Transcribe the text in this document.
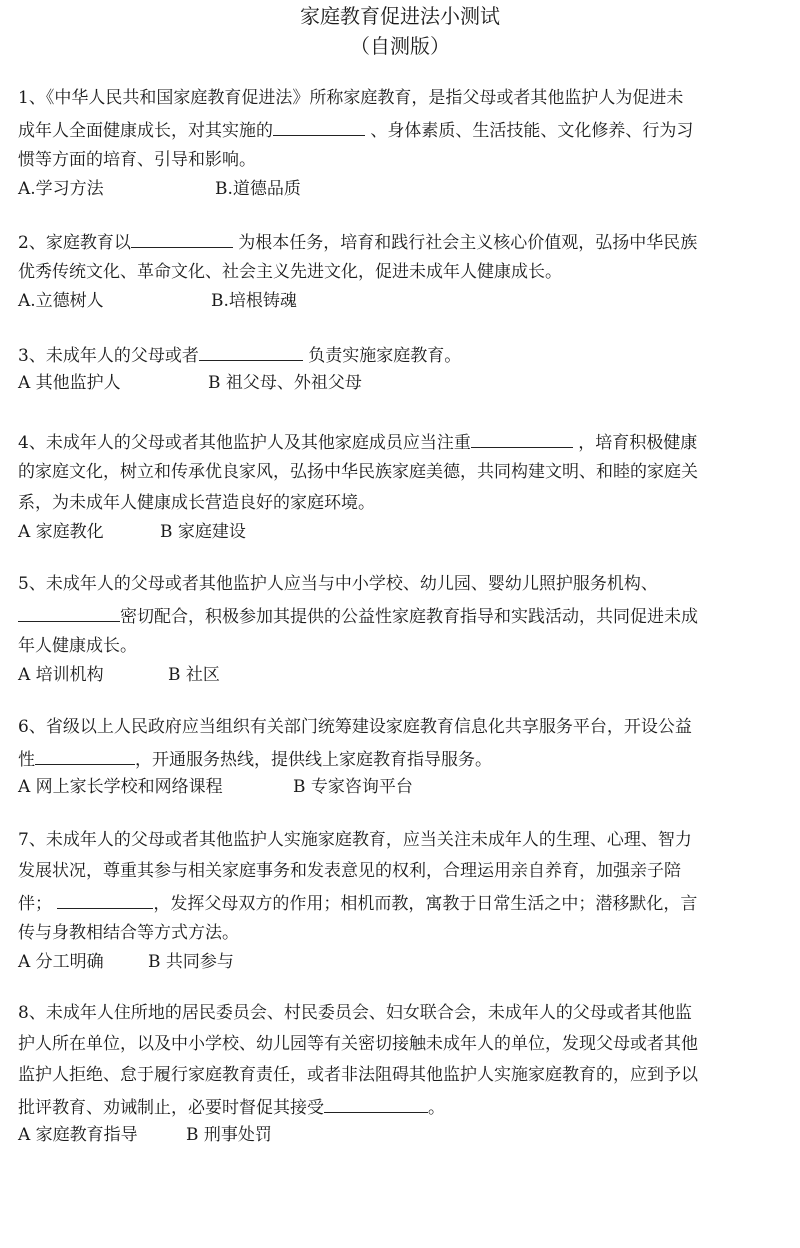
家庭教育促进法小测试
（自测版）
1、《中华人民共和国家庭教育促进法》所称家庭教育，是指父母或者其他监护人为促进未
成年人全面健康成长，对其实施的	、身体素质、生活技能、文化修养、行为习
惯等方面的培育、引导和影响。
A.学习方法	B.道德品质
2、家庭教育以	为根本任务，培育和践行社会主义核心价值观，弘扬中华民族
优秀传统文化、革命文化、社会主义先进文化，促进未成年人健康成长。
A.立德树人	B.培根铸魂
3、未成年人的父母或者	负责实施家庭教育。
A 其他监护人	B 祖父母、外祖父母
4、未成年人的父母或者其他监护人及其他家庭成员应当注重	，培育积极健康
的家庭文化，树立和传承优良家风，弘扬中华民族家庭美德，共同构建文明、和睦的家庭关
系，为未成年人健康成长营造良好的家庭环境。
A 家庭教化	B 家庭建设
5、未成年人的父母或者其他监护人应当与中小学校、幼儿园、婴幼儿照护服务机构、
密切配合，积极参加其提供的公益性家庭教育指导和实践活动，共同促进未成
年人健康成长。
A 培训机构	B 社区
6、省级以上人民政府应当组织有关部门统筹建设家庭教育信息化共享服务平台，开设公益
性	，开通服务热线，提供线上家庭教育指导服务。
A 网上家长学校和网络课程	B 专家咨询平台
7、未成年人的父母或者其他监护人实施家庭教育，应当关注未成年人的生理、心理、智力
发展状况，尊重其参与相关家庭事务和发表意见的权利，合理运用亲自养育，加强亲子陪
伴；	，发挥父母双方的作用；相机而教，寓教于日常生活之中；潜移默化，言
传与身教相结合等方式方法。
A 分工明确	B 共同参与
8、未成年人住所地的居民委员会、村民委员会、妇女联合会，未成年人的父母或者其他监
护人所在单位，以及中小学校、幼儿园等有关密切接触未成年人的单位，发现父母或者其他
监护人拒绝、怠于履行家庭教育责任，或者非法阻碍其他监护人实施家庭教育的，应到予以
批评教育、劝诫制止，必要时督促其接受	。
A 家庭教育指导	B 刑事处罚
